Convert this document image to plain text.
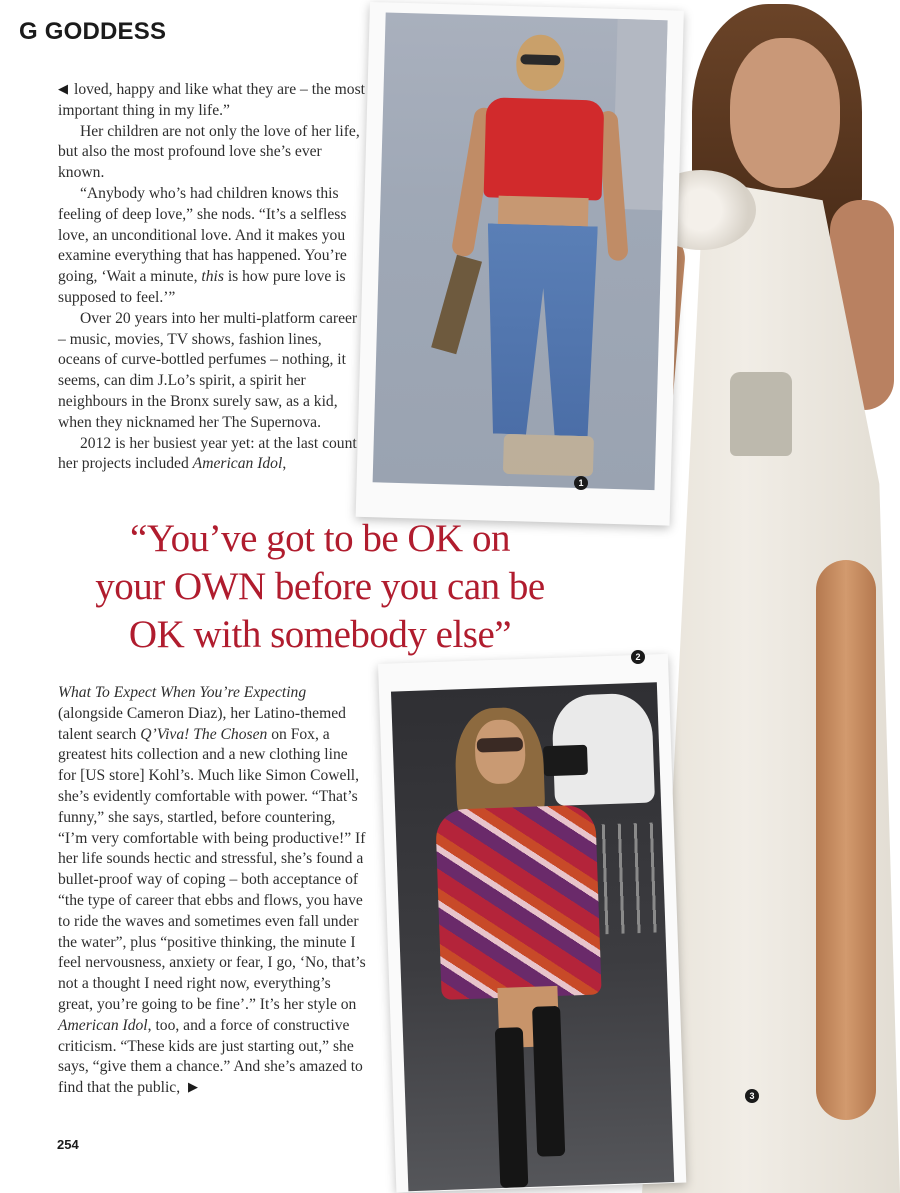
G GODDESS
1
2
3

◀ loved, happy and like what they are – the most important thing in my life.”

Her children are not only the love of her life, but also the most profound love she’s ever known.

“Anybody who’s had children knows this feeling of deep love,” she nods. “It’s a selfless love, an unconditional love. And it makes you examine everything that has happened. You’re going, ‘Wait a minute, this is how pure love is supposed to feel.’”

Over 20 years into her multi-platform career – music, movies, TV shows, fashion lines, oceans of curve-bottled perfumes – nothing, it seems, can dim J.Lo’s spirit, a spirit her neighbours in the Bronx surely saw, as a kid, when they nicknamed her The Supernova.

2012 is her busiest year yet: at the last count her projects included American Idol,

“You’ve got to be OK on
your OWN before you can be
OK with somebody else”

What To Expect When You’re Expecting (alongside Cameron Diaz), her Latino-themed talent search Q’Viva! The Chosen on Fox, a greatest hits collection and a new clothing line for [US store] Kohl’s. Much like Simon Cowell, she’s evidently comfortable with power. “That’s funny,” she says, startled, before countering, “I’m very comfortable with being productive!” If her life sounds hectic and stressful, she’s found a bullet-proof way of coping – both acceptance of “the type of career that ebbs and flows, you have to ride the waves and sometimes even fall under the water”, plus “positive thinking, the minute I feel nervousness, anxiety or fear, I go, ‘No, that’s not a thought I need right now, everything’s great, you’re going to be fine’.” It’s her style on American Idol, too, and a force of constructive criticism. “These kids are just starting out,” she says, “give them a chance.” And she’s amazed to find that the public, ▶

254
